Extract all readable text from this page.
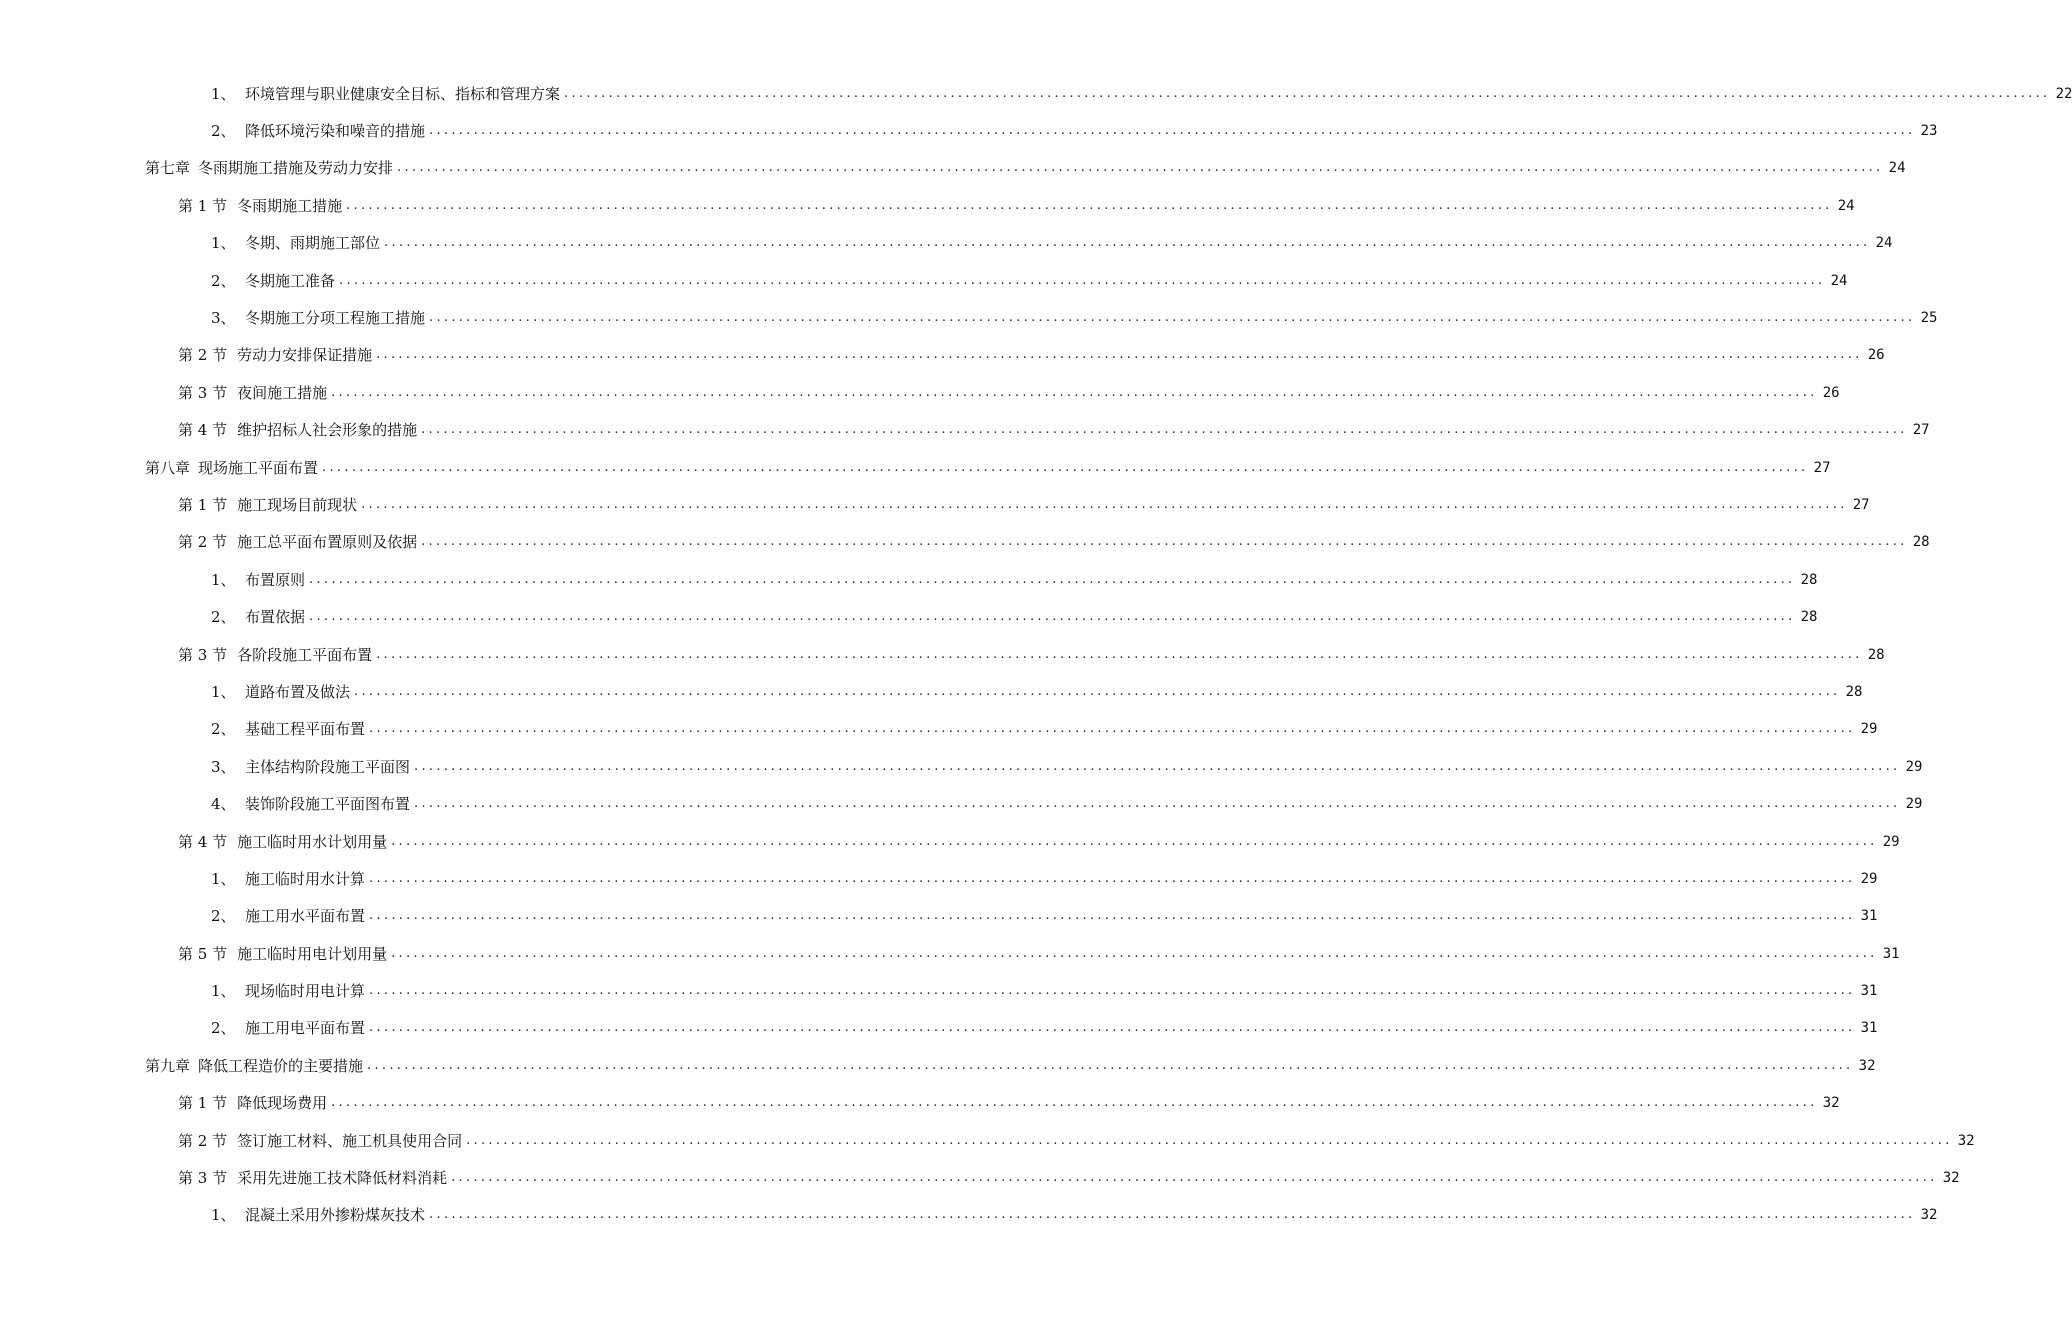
1、 环境管理与职业健康安全目标、指标和管理方案 ........................................................................................................................................................................................................ 22
2、 降低环境污染和噪音的措施 ........................................................................................................................................................................................................ 23
第七章 冬雨期施工措施及劳动力安排 ........................................................................................................................................................................................................ 24
第 1 节 冬雨期施工措施 ........................................................................................................................................................................................................ 24
1、 冬期、雨期施工部位 ........................................................................................................................................................................................................ 24
2、 冬期施工准备 ........................................................................................................................................................................................................ 24
3、 冬期施工分项工程施工措施 ........................................................................................................................................................................................................ 25
第 2 节 劳动力安排保证措施 ........................................................................................................................................................................................................ 26
第 3 节 夜间施工措施 ........................................................................................................................................................................................................ 26
第 4 节 维护招标人社会形象的措施 ........................................................................................................................................................................................................ 27
第八章 现场施工平面布置 ........................................................................................................................................................................................................ 27
第 1 节 施工现场目前现状 ........................................................................................................................................................................................................ 27
第 2 节 施工总平面布置原则及依据 ........................................................................................................................................................................................................ 28
1、 布置原则 ........................................................................................................................................................................................................ 28
2、 布置依据 ........................................................................................................................................................................................................ 28
第 3 节 各阶段施工平面布置 ........................................................................................................................................................................................................ 28
1、 道路布置及做法 ........................................................................................................................................................................................................ 28
2、 基础工程平面布置 ........................................................................................................................................................................................................ 29
3、 主体结构阶段施工平面图 ........................................................................................................................................................................................................ 29
4、 装饰阶段施工平面图布置 ........................................................................................................................................................................................................ 29
第 4 节 施工临时用水计划用量 ........................................................................................................................................................................................................ 29
1、 施工临时用水计算 ........................................................................................................................................................................................................ 29
2、 施工用水平面布置 ........................................................................................................................................................................................................ 31
第 5 节 施工临时用电计划用量 ........................................................................................................................................................................................................ 31
1、 现场临时用电计算 ........................................................................................................................................................................................................ 31
2、 施工用电平面布置 ........................................................................................................................................................................................................ 31
第九章 降低工程造价的主要措施 ........................................................................................................................................................................................................ 32
第 1 节 降低现场费用 ........................................................................................................................................................................................................ 32
第 2 节 签订施工材料、施工机具使用合同 ........................................................................................................................................................................................................ 32
第 3 节 采用先进施工技术降低材料消耗 ........................................................................................................................................................................................................ 32
1、 混凝土采用外掺粉煤灰技术 ........................................................................................................................................................................................................ 32
